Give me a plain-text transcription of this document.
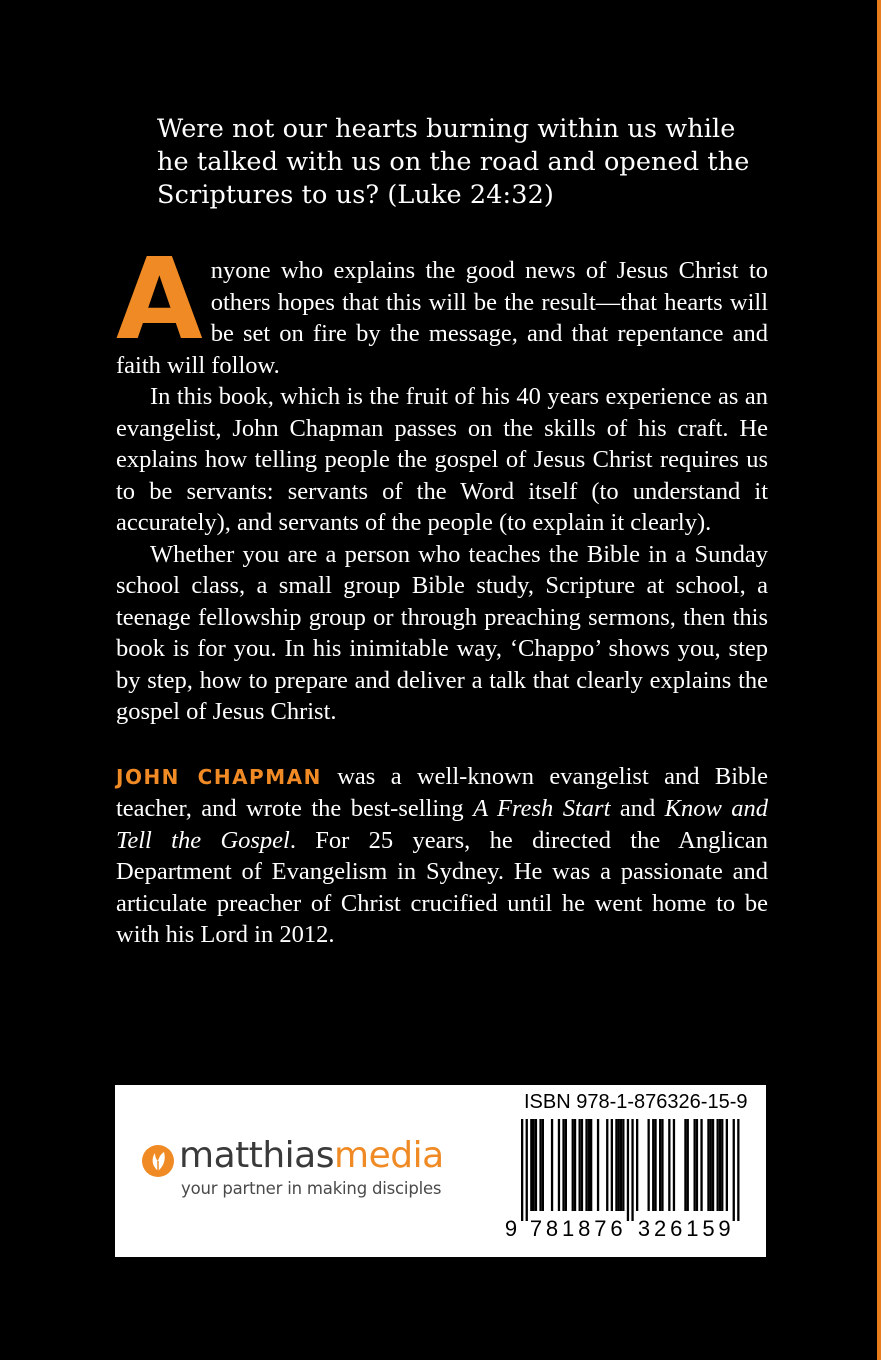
Were not our hearts burning within us while
he talked with us on the road and opened the
Scriptures to us? (Luke 24:32)

Anyone who explains the good news of Jesus Christ to others hopes that this will be the result—that hearts will be set on fire by the message, and that repentance and faith will follow.

In this book, which is the fruit of his 40 years experience as an evangelist, John Chapman passes on the skills of his craft. He explains how telling people the gospel of Jesus Christ requires us to be servants: servants of the Word itself (to understand it accurately), and servants of the people (to explain it clearly).

Whether you are a person who teaches the Bible in a Sunday school class, a small group Bible study, Scripture at school, a teenage fellowship group or through preaching sermons, then this book is for you. In his inimitable way, ‘Chappo’ shows you, step by step, how to prepare and deliver a talk that clearly explains the gospel of Jesus Christ.

JOHN CHAPMAN was a well-known evangelist and Bible teacher, and wrote the best-selling A Fresh Start and Know and Tell the Gospel. For 25 years, he directed the Anglican Department of Evangelism in Sydney. He was a passionate and articulate preacher of Christ crucified until he went home to be with his Lord in 2012.

matthiasmedia
your partner in making disciples
ISBN 978-1-876326-15-9
9 7 8 1 8 7 6 3 2 6 1 5 9
